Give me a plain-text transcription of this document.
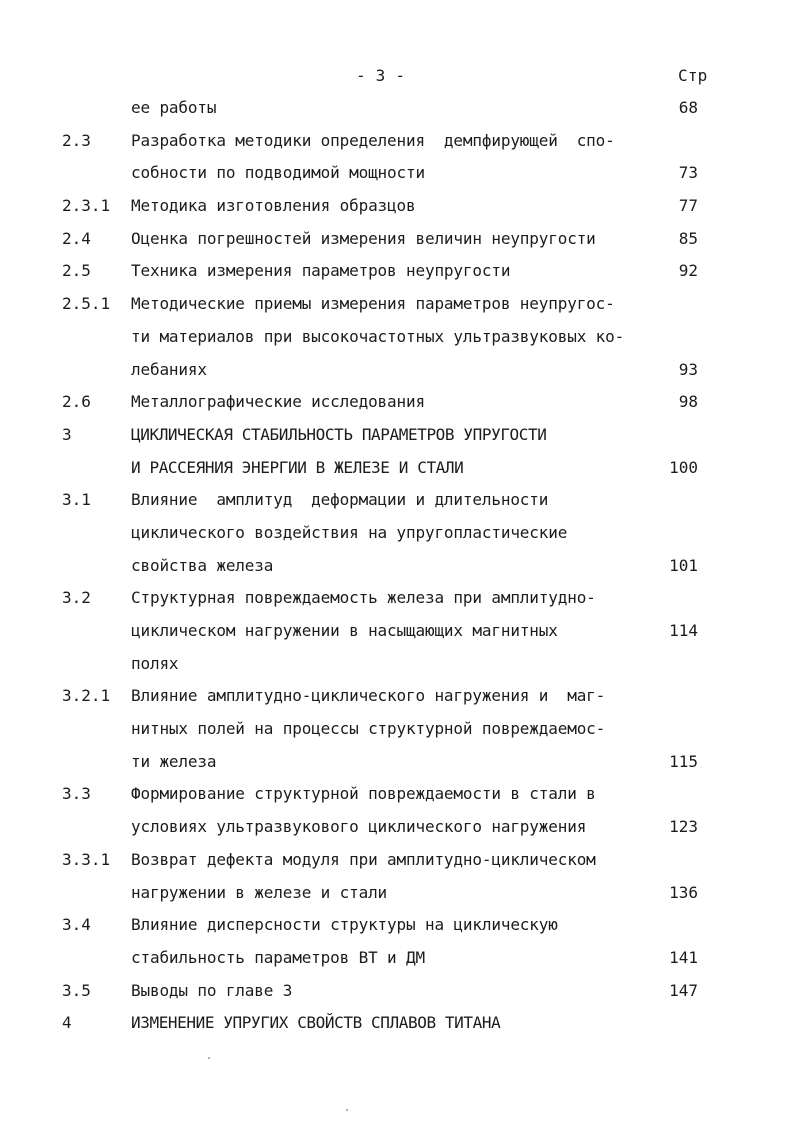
- 3 -	Стр
ее работы	68
2.3	Разработка методики определения  демпфирующей  спо-
собности по подводимой мощности	73
2.3.1 Методика изготовления образцов	77
2.4	Оценка погрешностей измерения величин неупругости	85
2.5	Техника измерения параметров неупругости	92
2.5.1 Методические приемы измерения параметров неупругос-
ти материалов при высокочастотных ультразвуковых ко-
лебаниях	93
2.6	Металлографические исследования	98
3	ЦИКЛИЧЕСКАЯ СТАБИЛЬНОСТЬ ПАРАМЕТРОВ УПРУГОСТИ
И РАССЕЯНИЯ ЭНЕРГИИ В ЖЕЛЕЗЕ И СТАЛИ	100
3.1	Влияние  амплитуд  деформации и длительности
циклического воздействия на упругопластические
свойства железа	101
3.2	Структурная повреждаемость железа при амплитудно-
циклическом нагружении в насыщающих магнитных	114
полях
3.2.1 Влияние амплитудно-циклического нагружения и  маг-
нитных полей на процессы структурной повреждаемос-
ти железа	115
3.3	Формирование структурной повреждаемости в стали в
условиях ультразвукового циклического нагружения	123
3.3.1 Возврат дефекта модуля при амплитудно-циклическом
нагружении в железе и стали	136
3.4	Влияние дисперсности структуры на циклическую
стабильность параметров ВТ и ДМ	141
3.5	Выводы по главе 3	147
4	ИЗМЕНЕНИЕ УПРУГИХ СВОЙСТВ СПЛАВОВ ТИТАНА
